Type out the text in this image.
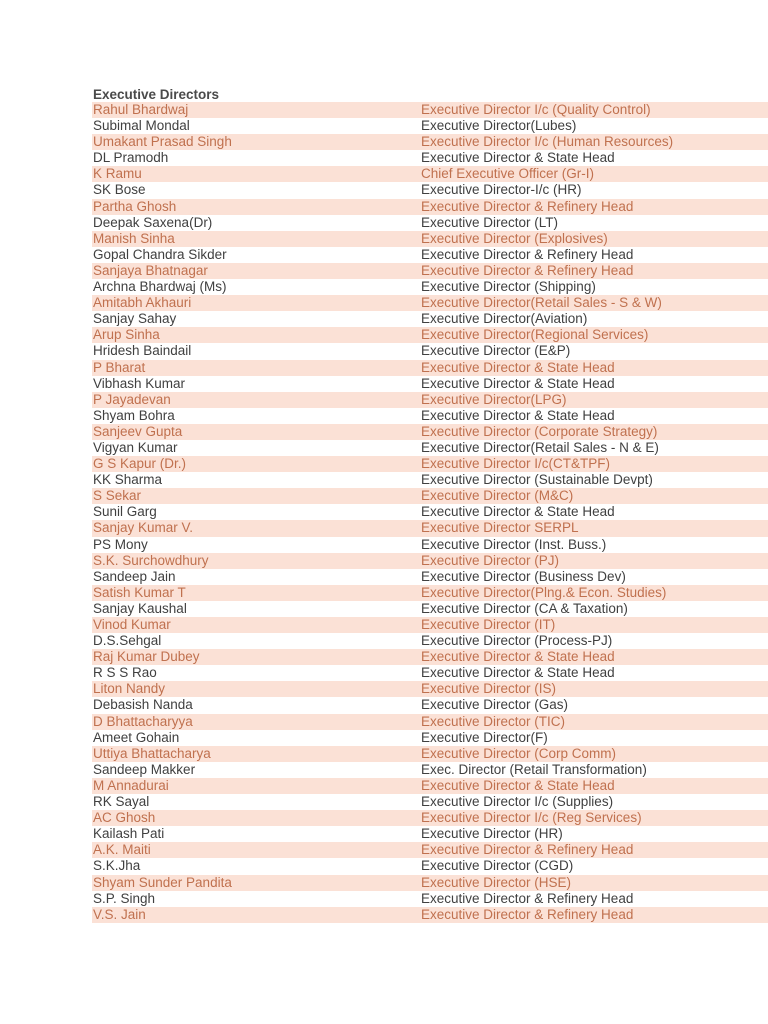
Executive Directors
Rahul Bhardwaj	Executive Director I/c (Quality Control)
Subimal Mondal	Executive Director(Lubes)
Umakant Prasad Singh	Executive Director I/c (Human Resources)
DL Pramodh	Executive Director & State Head
K Ramu	Chief Executive Officer (Gr-I)
SK Bose	Executive Director-I/c (HR)
Partha Ghosh	Executive Director & Refinery Head
Deepak Saxena(Dr)	Executive Director (LT)
Manish Sinha	Executive Director (Explosives)
Gopal Chandra Sikder	Executive Director & Refinery Head
Sanjaya Bhatnagar	Executive Director & Refinery Head
Archna Bhardwaj (Ms)	Executive Director (Shipping)
Amitabh Akhauri	Executive Director(Retail Sales - S & W)
Sanjay Sahay	Executive Director(Aviation)
Arup Sinha	Executive Director(Regional Services)
Hridesh Baindail	Executive Director (E&P)
P Bharat	Executive Director & State Head
Vibhash Kumar	Executive Director & State Head
P Jayadevan	Executive Director(LPG)
Shyam Bohra	Executive Director & State Head
Sanjeev Gupta	Executive Director (Corporate Strategy)
Vigyan Kumar	Executive Director(Retail Sales - N & E)
G S Kapur (Dr.)	Executive Director I/c(CT&TPF)
KK Sharma	Executive Director (Sustainable Devpt)
S Sekar	Executive Director (M&C)
Sunil Garg	Executive Director & State Head
Sanjay Kumar V.	Executive Director SERPL
PS Mony	Executive Director (Inst. Buss.)
S.K. Surchowdhury	Executive Director (PJ)
Sandeep Jain	Executive Director (Business Dev)
Satish Kumar T	Executive Director(Plng.& Econ. Studies)
Sanjay Kaushal	Executive Director (CA & Taxation)
Vinod Kumar	Executive Director (IT)
D.S.Sehgal	Executive Director (Process-PJ)
Raj Kumar Dubey	Executive Director & State Head
R S S Rao	Executive Director & State Head
Liton Nandy	Executive Director (IS)
Debasish Nanda	Executive Director (Gas)
D Bhattacharyya	Executive Director (TIC)
Ameet Gohain	Executive Director(F)
Uttiya Bhattacharya	Executive Director (Corp Comm)
Sandeep Makker	Exec. Director (Retail Transformation)
M Annadurai	Executive Director & State Head
RK Sayal	Executive Director I/c (Supplies)
AC Ghosh	Executive Director I/c (Reg Services)
Kailash Pati	Executive Director (HR)
A.K. Maiti	Executive Director & Refinery Head
S.K.Jha	Executive Director (CGD)
Shyam Sunder Pandita	Executive Director (HSE)
S.P. Singh	Executive Director & Refinery Head
V.S. Jain	Executive Director & Refinery Head
